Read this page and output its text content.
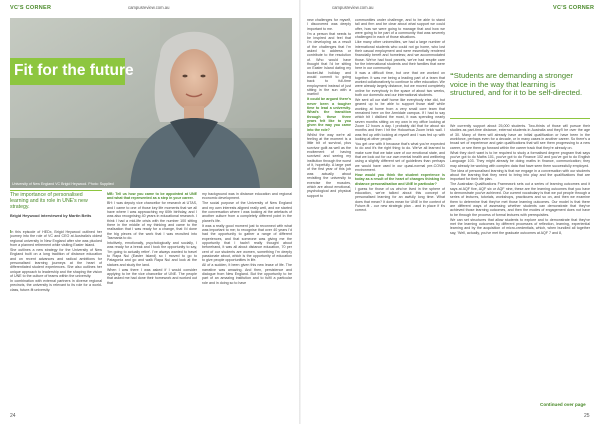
VC'S CORNER	campusreview.com.au
University of New England VC Brigid Heywood. Photo: Supplied
Fit for the future
The importance of personalised learning and its role in UNE's new strategy.
Brigid Heywood interviewed by Martin Betts

In this episode of HEDx, Brigid Heywood outlined her journey into the role of VC and CEO at Australia's oldest regional university in New England after she was plucked from a planned retirement while visiting Easter Island.

She outlines a new strategy for the University of New England built on a long tradition of distance education and on recent advances and radical ambitions for personalised learning journeys at the heart of differentiated student experiences. She also outlines her unique approach to leadership and the shaping the vision of UNE to the culture of teams within the university.

In combination with external partners in diverse regional precincts, the university is relevant to its role for a world-class, future-fit university.

MB: Tell us how you came to be appointed at UNE and what that represented as a step in your career.

BH: I was deputy vice chancellor for research at UTAS, and I came to one of those key life moments that we all have where I was approaching my 60th birthday, and I was also recognising 40 years in educational research. I think I had a mid-life crisis with the number 100 sitting there in the middle of my thinking and came to the realisation that I was ready for a change, that I'd done the big pieces of the work that I was recruited into Tasmania to do.

Intuitively, emotionally, psychologically and socially, I was ready for a break and I took the opportunity to say, 'I'm going to actually retire'. I've always wanted to travel to Rapa Nui (Easter Island) so I moved to go to Patagonia and go and walk Rapa Nui and look at the statues and study the land.

When I was there I was asked if I would consider applying to be the vice chancellor of UNE. The people that asked me had done their homework and worked out that

my background was in distance education and regional economic development.

The social purpose of the University of New England and my own interests aligned really well, and we started the conversation where I was looking at the artefacts of another culture from a completely different point in the planet's life.

It was a really good moment just to reconnect with what was important to me; to recognise that over 40 years I'd had the opportunity to gather a range of different experiences, and that someone was giving me the opportunity that I hadn't really thought about beforehand, it was all about distance education, 70 per cent of our students are women, something I'm deeply passionate about, which is the opportunity of education to give people opportunities in life.

All of a sudden, it been given this new lease of life. The narrative was amazing. And then, persistence and dialogue from New England. But the opportunity to be part of an amazing institution and to fulfil a particular role and in doing so to have

24
campusreview.com.au	VC'S CORNER

new challenges for myself, I discovered was deeply important to me.

I'm a person that needs to be inspired and feel that I'm developing as a result of the challenges that I'm asked to address or contribute to the resolution of. Who would have thought that I'd be sitting on Easter Island dating my bucket-list holiday and would commit to going back to full-time employment instead of just sitting in the sun with a martini!

It could be argued there's never been a tougher time to lead a university. What's the transition through these three years felt like to you given the way you came into the role?

Whilst the way we're all feeling at the moment is a little bit of survival, plus survivor guilt as well as the excitement of having survived and seeing my institution through the worst of it, hopefully. A large part of the first year of this job was actually about revisiting the university to exercise the muscles, which are about emotional, psychological and physical support to

communities under challenge, and to be able to stand tall and firm and be clear about what support we could offer, how we were going to manage that and how we were going to be part of a community that was severely challenged in each of those situations.

Like many other universities, we had a large number of international students who could not go home, who lost their casual employment and were essentially rendered financially bereft and homeless; and we accommodated those. We've had food parcels, we've had respite care for the international students and their families that were here in our community.

It was a difficult time, but one that we worked on together. It was me being a leading part of a team that worked collaboratively to continue to offer education. We were already largely distance, but we moved completely online for everybody in the space of about two weeks, both our domestic and our international students.

We sent all our staff home like everybody else did, but geared up to be able to support those staff while working at home from a very small core team that remained here on the Armidale campus. If I had to say which bit I disliked the most, it was spending nearly seven months sitting on my own in my office looking at Zoom 12 hours a day. I probably did that for about six months and then I hit the Hokowhua Zoom brick wall. I was fed up with looking at myself and I was fed up with looking at other people.

You get one with it because that's what you're expected to do and it's the right thing to do. We've all learned to make sure that we take care of our emotional state, and that we look out for our own mental health and wellbeing using a slightly different set of guidelines than perhaps we would have used in our quasi-normal pre-COVID environment.

How would you think the student experience is today as a result of the heart of changes thinking for distance personalisation and UNE in particular?

I guess for those of us who've lived in the sphere of education, we've talked about this concept of personalised learning for an awfully long time. What does that mean? It does mean for UNE in the context of Future-fit - our new strategic plan - and in place if it's correct.

“Students are demanding a stronger voice in the way that learning is structured, and for it to be self-directed.

We currently support about 25,000 students. Two-thirds of those will pursue their studies as part-time distance, external students in Australia and they'll be over the age of 30. Many of them will already have an initial qualification or have been in the workforce, perhaps even for a decade, or in many cases in another career. So there's a broad set of experience and gain qualifications that will see them progressing to a new career, or see them go forward within the career track that they're already on.

What they don't want is to be required to study a formalised degree program that says you've got to do Maths 101, you've got to do Finance 102 and you've got to do English Language 103. They might already be doing maths in finance, communication; they may already be working with complex data that have seen them successfully employed.

The idea of personalised learning is that we engage in a conversation with our students about the learning that they need to bring into play and the qualifications that are important for their life plan.

The Australian Qualifications Framework sets out a series of learning outcomes and it says at AQF five, AQF six or AQF nine, these are the learning outcomes that you have to demonstrate you've achieved. Our current vocabulary is that we put people through a series of lectures, tutorials, workshops, practicums and so on, and then we examine them to determine that they've met those learning outcomes. Our model is that there are different ways of assessing whether students can demonstrate that they've achieved those learning outcomes, and then the modes of engagement does not have to be through the process of formal lectures with prerequisites.

We can set structures that allow students to explore and to demonstrate that they've met the learning outcomes by different processes of reflection, learning, experiential learning and by the acquisition of micro-credentials, which, when bundled all together say, 'Well, actually, you've met the graduate outcomes at AQF 7 and 8,

Continued over page
25
